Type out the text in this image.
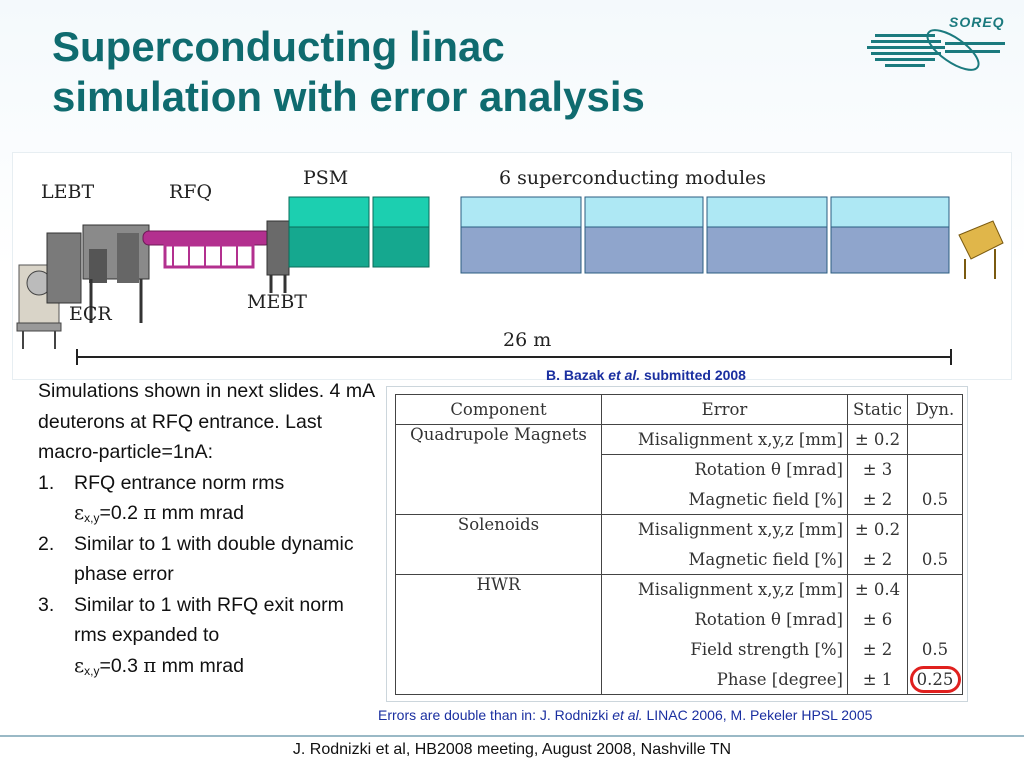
Superconducting linac
simulation with error analysis
SOREQ
LEBT	RFQ
PSM	6 superconducting modules
ECR
MEBT
26 m
B. Bazak et al. submitted 2008

Simulations shown in next slides. 4 mA deuterons at RFQ entrance. Last macro-particle=1nA:

1. RFQ entrance norm rms
$\varepsilon_{x,y}=0.2$ π mm mrad
2. Similar to 1 with double dynamic phase error
3. Similar to 1 with RFQ exit norm rms expanded to
$\varepsilon_{x,y}=0.3$ π mm mrad
Component	Error	Static	Dyn.
Quadrupole Magnets	Misalignment x,y,z [mm]	± 0.2	
	Rotation θ [mrad]	± 3	
	Magnetic field [%]	± 2	0.5
Solenoids	Misalignment x,y,z [mm]	± 0.2	
	Magnetic field [%]	± 2	0.5
HWR	Misalignment x,y,z [mm]	± 0.4	
	Rotation θ [mrad]	± 6	
	Field strength [%]	± 2	0.5
	Phase [degree]	± 1	0.25
Errors are double than in: J. Rodnizki et al. LINAC 2006, M. Pekeler HPSL 2005
J. Rodnizki et al, HB2008 meeting, August 2008, Nashville TN
